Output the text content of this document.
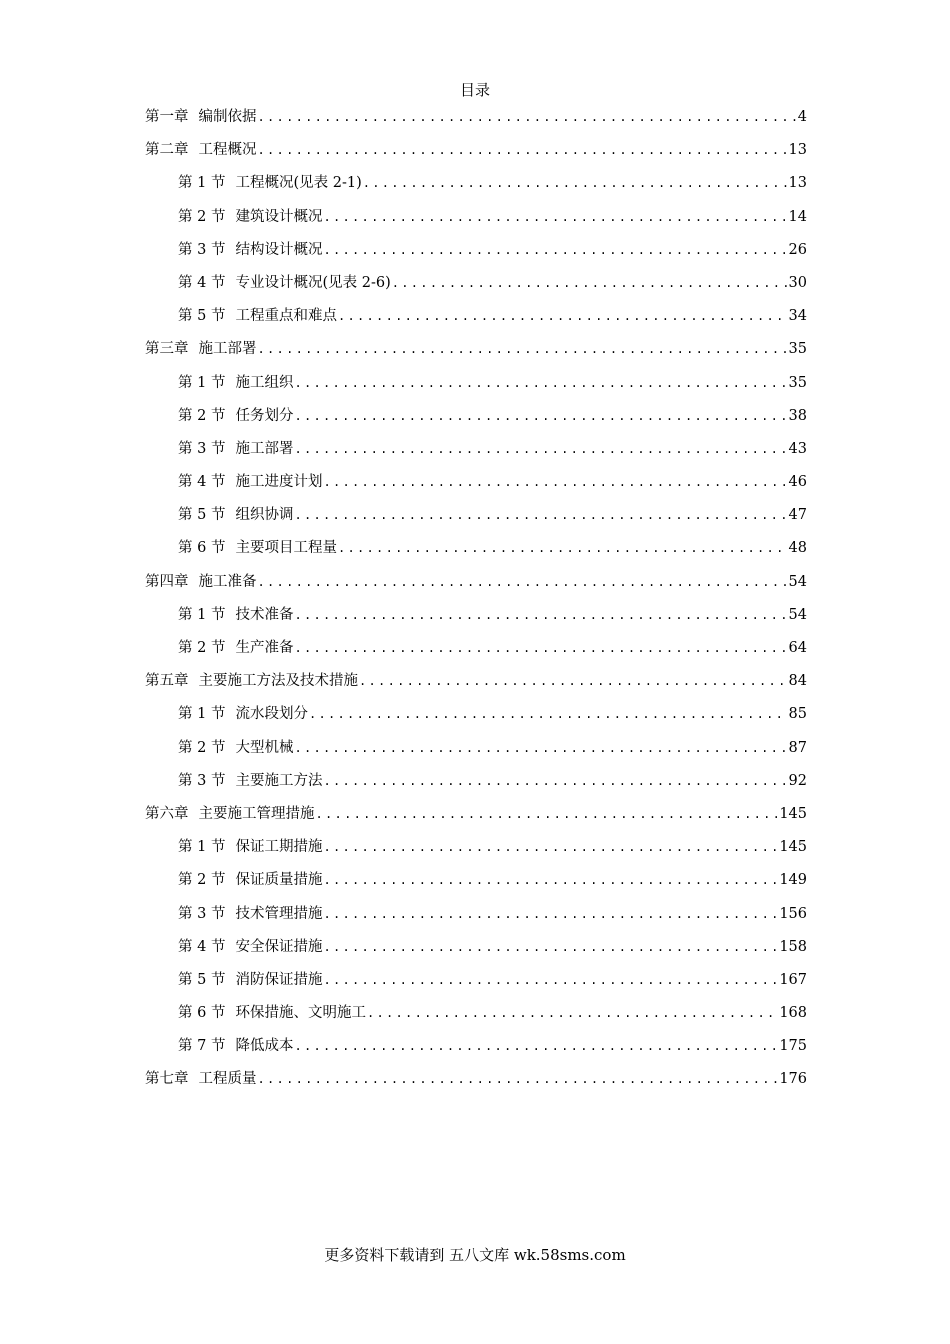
目录
第一章 编制依据 .....	4
第二章 工程概况 .....	13
第 1 节 工程概况(见表 2-1) .....	13
第 2 节 建筑设计概况 .....	14
第 3 节 结构设计概况 .....	26
第 4 节 专业设计概况(见表 2-6) .....	30
第 5 节 工程重点和难点 .....	34
第三章 施工部署 .....	35
第 1 节 施工组织 .....	35
第 2 节 任务划分 .....	38
第 3 节 施工部署 .....	43
第 4 节 施工进度计划 .....	46
第 5 节 组织协调 .....	47
第 6 节 主要项目工程量 .....	48
第四章 施工准备 .....	54
第 1 节 技术准备 .....	54
第 2 节 生产准备 .....	64
第五章 主要施工方法及技术措施 .....	84
第 1 节 流水段划分 .....	85
第 2 节 大型机械 .....	87
第 3 节 主要施工方法 .....	92
第六章 主要施工管理措施 .....	145
第 1 节 保证工期措施 .....	145
第 2 节 保证质量措施 .....	149
第 3 节 技术管理措施 .....	156
第 4 节 安全保证措施 .....	158
第 5 节 消防保证措施 .....	167
第 6 节 环保措施、文明施工 .....	168
第 7 节 降低成本 .....	175
第七章 工程质量 .....	176
更多资料下载请到 五八文库 wk.58sms.com
